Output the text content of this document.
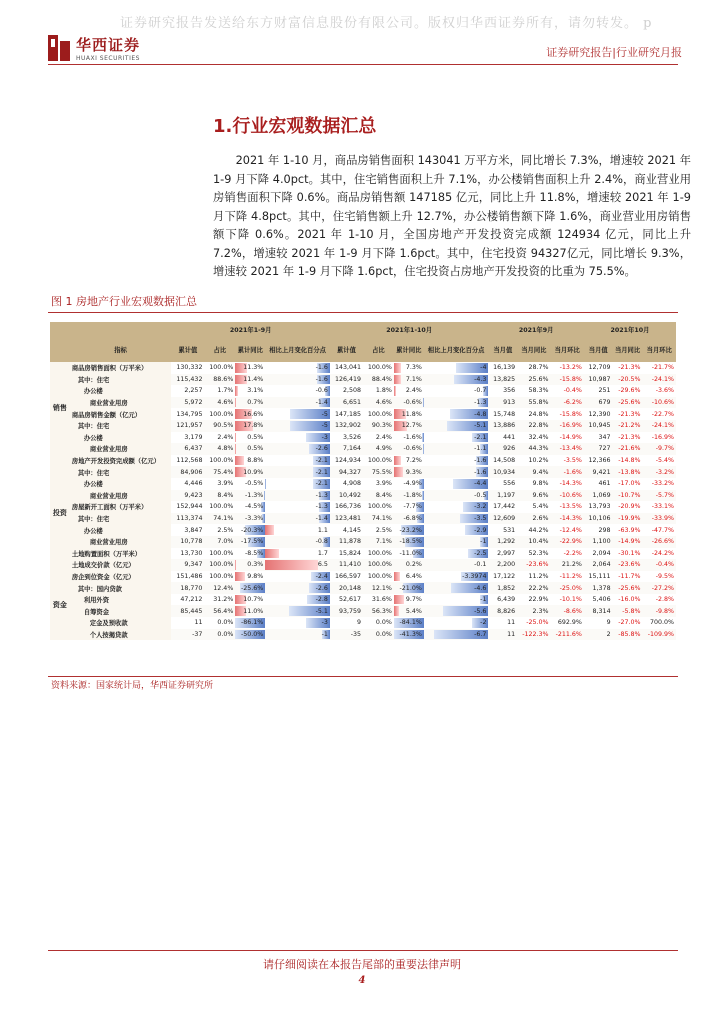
证券研究报告发送给东方财富信息股份有限公司。版权归华西证券所有，请勿转发。 p
华西证券
HUAXI SECURITIES	证券研究报告|行业研究月报
1.行业宏观数据汇总

2021 年 1-10 月，商品房销售面积 143041 万平方米，同比增长 7.3%，增速较 2021 年 1-9 月下降 4.0pct。其中，住宅销售面积上升 7.1%，办公楼销售面积上升 2.4%，商业营业用房销售面积下降 0.6%。商品房销售额 147185 亿元，同比上升 11.8%，增速较 2021 年 1-9 月下降 4.8pct。其中，住宅销售额上升 12.7%，办公楼销售额下降 1.6%，商业营业用房销售额下降 0.6%。2021 年 1-10 月，全国房地产开发投资完成额 124934 亿元，同比上升 7.2%，增速较 2021 年 1-9 月下降 1.6pct。其中，住宅投资 94327亿元，同比增长 9.3%，增速较 2021 年 1-9 月下降 1.6pct，住宅投资占房地产开发投资的比重为 75.5%。

图 1 房地产行业宏观数据汇总
		2021年1-9月				2021年1-10月				2021年9月			2021年10月		
	指标	累计值	占比	累计同比	相比上月变化百分点	累计值	占比	累计同比	相比上月变化百分点	当月值	当月同比	当月环比	当月值	当月同比	当月环比
销售	商品房销售面积（万平米）	130,332	100.0%	11.3%	-1.6	143,041	100.0%	7.3%	-4	16,139	28.7%	-13.2%	12,709	-21.3%	-21.7%
	其中：住宅	115,432	88.6%	11.4%	-1.6	126,419	88.4%	7.1%	-4.3	13,825	25.6%	-15.8%	10,987	-20.5%	-24.1%
	办公楼	2,257	1.7%	3.1%	-0.6	2,508	1.8%	2.4%	-0.7	356	58.3%	-0.4%	251	-29.6%	-3.6%
	商业营业用房	5,972	4.6%	0.7%	-1.4	6,651	4.6%	-0.6%	-1.3	913	55.8%	-6.2%	679	-25.6%	-10.6%
	商品房销售金额（亿元）	134,795	100.0%	16.6%	-5	147,185	100.0%	11.8%	-4.8	15,748	24.8%	-15.8%	12,390	-21.3%	-22.7%
	其中：住宅	121,957	90.5%	17.8%	-5	132,902	90.3%	12.7%	-5.1	13,886	22.8%	-16.9%	10,945	-21.2%	-24.1%
	办公楼	3,179	2.4%	0.5%	-3	3,526	2.4%	-1.6%	-2.1	441	32.4%	-14.9%	347	-21.3%	-16.9%
	商业营业用房	6,437	4.8%	0.5%	-2.6	7,164	4.9%	-0.6%	-1.1	926	44.3%	-13.4%	727	-21.6%	-9.7%
投资	房地产开发投资完成额（亿元）	112,568	100.0%	8.8%	-2.1	124,934	100.0%	7.2%	-1.6	14,508	10.2%	-3.5%	12,366	-14.8%	-5.4%
	其中：住宅	84,906	75.4%	10.9%	-2.1	94,327	75.5%	9.3%	-1.6	10,934	9.4%	-1.6%	9,421	-13.8%	-3.2%
	办公楼	4,446	3.9%	-0.5%	-2.1	4,908	3.9%	-4.9%	-4.4	556	9.8%	-14.3%	461	-17.0%	-33.2%
	商业营业用房	9,423	8.4%	-1.3%	-1.3	10,492	8.4%	-1.8%	-0.5	1,197	9.6%	-10.6%	1,069	-10.7%	-5.7%
	房屋新开工面积（万平米）	152,944	100.0%	-4.5%	-1.3	166,736	100.0%	-7.7%	-3.2	17,442	5.4%	-13.5%	13,793	-20.9%	-33.1%
	其中：住宅	113,374	74.1%	-3.3%	-1.4	123,481	74.1%	-6.8%	-3.5	12,609	2.6%	-14.3%	10,106	-19.9%	-33.9%
	办公楼	3,847	2.5%	-20.3%	1.1	4,145	2.5%	-23.2%	-2.9	531	44.2%	-12.4%	298	-63.9%	-47.7%
	商业营业用房	10,778	7.0%	-17.5%	-0.8	11,878	7.1%	-18.5%	-1	1,292	10.4%	-22.9%	1,100	-14.9%	-26.6%
	土地购置面积（万平米）	13,730	100.0%	-8.5%	1.7	15,824	100.0%	-11.0%	-2.5	2,997	52.3%	-2.2%	2,094	-30.1%	-24.2%
	土地成交价款（亿元）	9,347	100.0%	0.3%	6.5	11,410	100.0%	0.2%	-0.1	2,200	-23.6%	21.2%	2,064	-23.6%	-0.4%
资金	房企到位资金（亿元）	151,486	100.0%	9.8%	-2.4	166,597	100.0%	6.4%	-3.3974	17,122	11.2%	-11.2%	15,111	-11.7%	-9.5%
	其中：国内贷款	18,770	12.4%	-25.6%	-2.6	20,148	12.1%	-21.0%	-4.6	1,852	22.2%	-25.0%	1,378	-25.6%	-27.2%
	利用外资	47,212	31.2%	10.7%	-2.8	52,617	31.6%	9.7%	-1	6,439	22.9%	-10.1%	5,406	-16.0%	-2.8%
	自筹资金	85,445	56.4%	11.0%	-5.1	93,759	56.3%	5.4%	-5.6	8,826	2.3%	-8.6%	8,314	-5.8%	-9.8%
	定金及预收款	11	0.0%	-86.1%	-3	9	0.0%	-84.1%	-2	11	-25.0%	692.9%	9	-27.0%	700.0%
	个人按揭贷款	-37	0.0%	-50.0%	-1	-35	0.0%	-41.3%	-6.7	11	-122.3%	-211.6%	2	-85.8%	-109.9%
资料来源：国家统计局，华西证券研究所
请仔细阅读在本报告尾部的重要法律声明
4
